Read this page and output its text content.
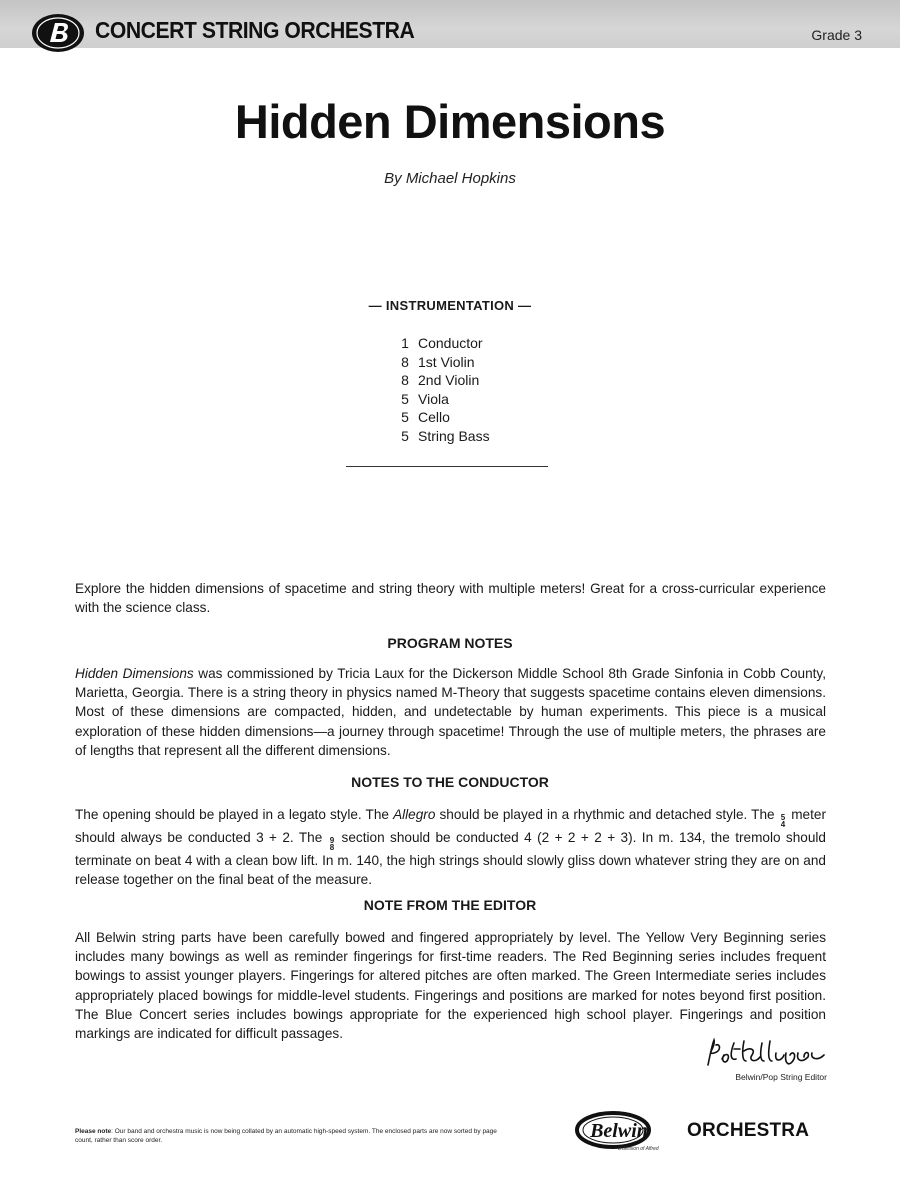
CONCERT STRING ORCHESTRA	Grade 3
Hidden Dimensions
By Michael Hopkins
— INSTRUMENTATION —
1 Conductor
8 1st Violin
8 2nd Violin
5 Viola
5 Cello
5 String Bass

Explore the hidden dimensions of spacetime and string theory with multiple meters! Great for a cross-curricular experience with the science class.

PROGRAM NOTES

Hidden Dimensions was commissioned by Tricia Laux for the Dickerson Middle School 8th Grade Sinfonia in Cobb County, Marietta, Georgia. There is a string theory in physics named M-Theory that suggests spacetime contains eleven dimensions. Most of these dimensions are compacted, hidden, and undetectable by human experiments. This piece is a musical exploration of these hidden dimensions—a journey through spacetime! Through the use of multiple meters, the phrases are of lengths that represent all the different dimensions.

NOTES TO THE CONDUCTOR

The opening should be played in a legato style. The Allegro should be played in a rhythmic and detached style. The 5
4
meter should always be conducted 3 + 2. The 9
8
section should be conducted 4 (2 + 2 + 2 + 3). In m. 134, the tremolo should terminate on beat 4 with a clean bow lift. In m. 140, the high strings should slowly gliss down whatever string they are on and release together on the final beat of the measure.

NOTE FROM THE EDITOR

All Belwin string parts have been carefully bowed and fingered appropriately by level. The Yellow Very Beginning series includes many bowings as well as reminder fingerings for first-time readers. The Red Beginning series includes frequent bowings to assist younger players. Fingerings for altered pitches are often marked. The Green Intermediate series includes appropriately placed bowings for middle-level students. Fingerings and positions are marked for notes beyond first position. The Blue Concert series includes bowings appropriate for the experienced high school player. Fingerings and position markings are indicated for difficult passages.

Belwin/Pop String Editor
Please note: Our band and orchestra music is now being collated by an automatic high-speed system. The enclosed parts are now sorted by page count, rather than score order.	Belwin ORCHESTRA
a division of Alfred
